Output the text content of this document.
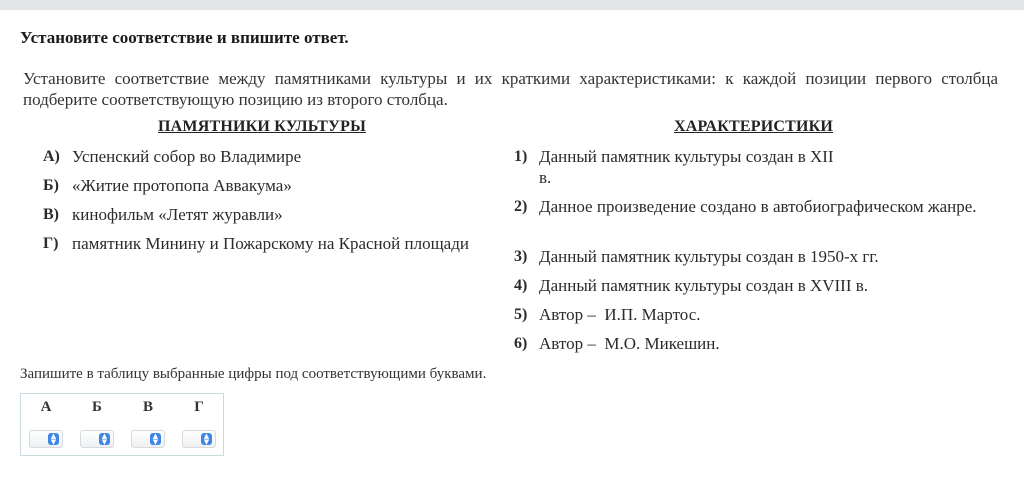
Установите соответствие и впишите ответ.
Установите соответствие между памятниками культуры и их краткими характеристиками: к каждой позиции первого столбца подберите соответствующую позицию из второго столбца.
ПАМЯТНИКИ КУЛЬТУРЫ	ХАРАКТЕРИСТИКИ
А) Успенский собор во Владимире
Б) «Житие протопопа Аввакума»
В) кинофильм «Летят журавли»
Г) памятник Минину и Пожарскому на Красной площади
1) Данный памятник культуры создан в XII в.
2) Данное произведение создано в автобиографическом жанре.
3) Данный памятник культуры создан в 1950-х гг.
4) Данный памятник культуры создан в XVIII в.
5) Автор –  И.П. Мартос.
6) Автор –  М.О. Микешин.
Запишите в таблицу выбранные цифры под соответствующими буквами.
А	Б	В	Г
▲
▼
▲
▼
▲
▼
▲
▼
